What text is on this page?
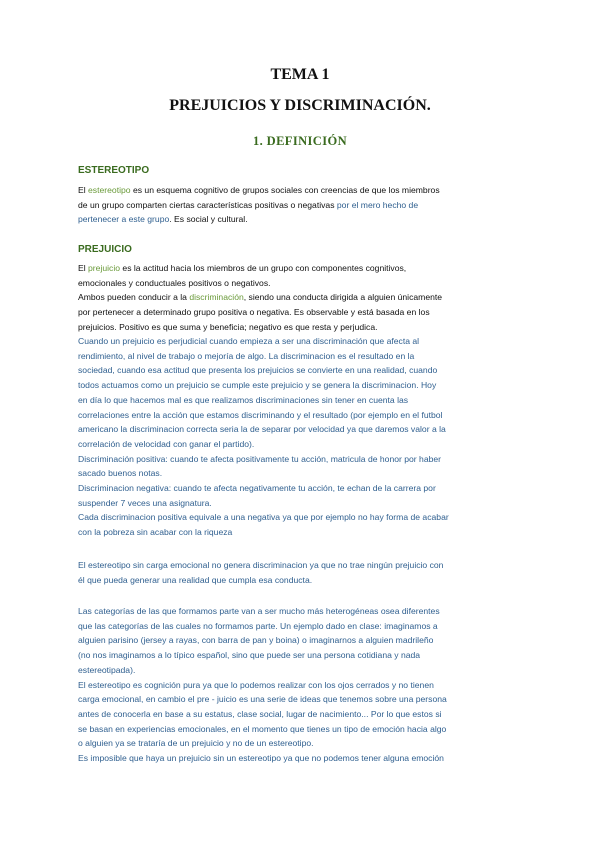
TEMA 1
PREJUICIOS Y DISCRIMINACIÓN.
1. DEFINICIÓN
ESTEREOTIPO
El estereotipo es un esquema cognitivo de grupos sociales con creencias de que los miembros
de un grupo comparten ciertas características positivas o negativas por el mero hecho de
pertenecer a este grupo. Es social y cultural.
PREJUICIO
El prejuicio es la actitud hacia los miembros de un grupo con componentes cognitivos,
emocionales y conductuales positivos o negativos.
Ambos pueden conducir a la discriminación, siendo una conducta dirigida a alguien únicamente
por pertenecer a determinado grupo positiva o negativa. Es observable y está basada en los
prejuicios. Positivo es que suma y beneficia; negativo es que resta y perjudica.
Cuando un prejuicio es perjudicial cuando empieza a ser una discriminación que afecta al
rendimiento, al nivel de trabajo o mejoría de algo. La discriminacion es el resultado en la
sociedad, cuando esa actitud que presenta los prejuicios se convierte en una realidad, cuando
todos actuamos como un prejuicio se cumple este prejuicio y se genera la discriminacion. Hoy
en día lo que hacemos mal es que realizamos discriminaciones sin tener en cuenta las
correlaciones entre la acción que estamos discriminando y el resultado (por ejemplo en el futbol
americano la discriminacion correcta seria la de separar por velocidad ya que daremos valor a la
correlación de velocidad con ganar el partido).
Discriminación positiva: cuando te afecta positivamente tu acción, matricula de honor por haber
sacado buenos notas.
Discriminacion negativa: cuando te afecta negativamente tu acción, te echan de la carrera por
suspender 7 veces una asignatura.
Cada discriminacion positiva equivale a una negativa ya que por ejemplo no hay forma de acabar
con la pobreza sin acabar con la riqueza
El estereotipo sin carga emocional no genera discriminacion ya que no trae ningún prejuicio con
él que pueda generar una realidad que cumpla esa conducta.
Las categorías de las que formamos parte van a ser mucho más heterogéneas osea diferentes
que las categorías de las cuales no formamos parte. Un ejemplo dado en clase: imaginamos a
alguien parisino (jersey a rayas, con barra de pan y boina) o imaginarnos a alguien madrileño
(no nos imaginamos a lo típico español, sino que puede ser una persona cotidiana y nada
estereotipada).
El estereotipo es cognición pura ya que lo podemos realizar con los ojos cerrados y no tienen
carga emocional, en cambio el pre - juicio es una serie de ideas que tenemos sobre una persona
antes de conocerla en base a su estatus, clase social, lugar de nacimiento... Por lo que estos si
se basan en experiencias emocionales, en el momento que tienes un tipo de emoción hacia algo
o alguien ya se trataría de un prejuicio y no de un estereotipo.
Es imposible que haya un prejuicio sin un estereotipo ya que no podemos tener alguna emoción
